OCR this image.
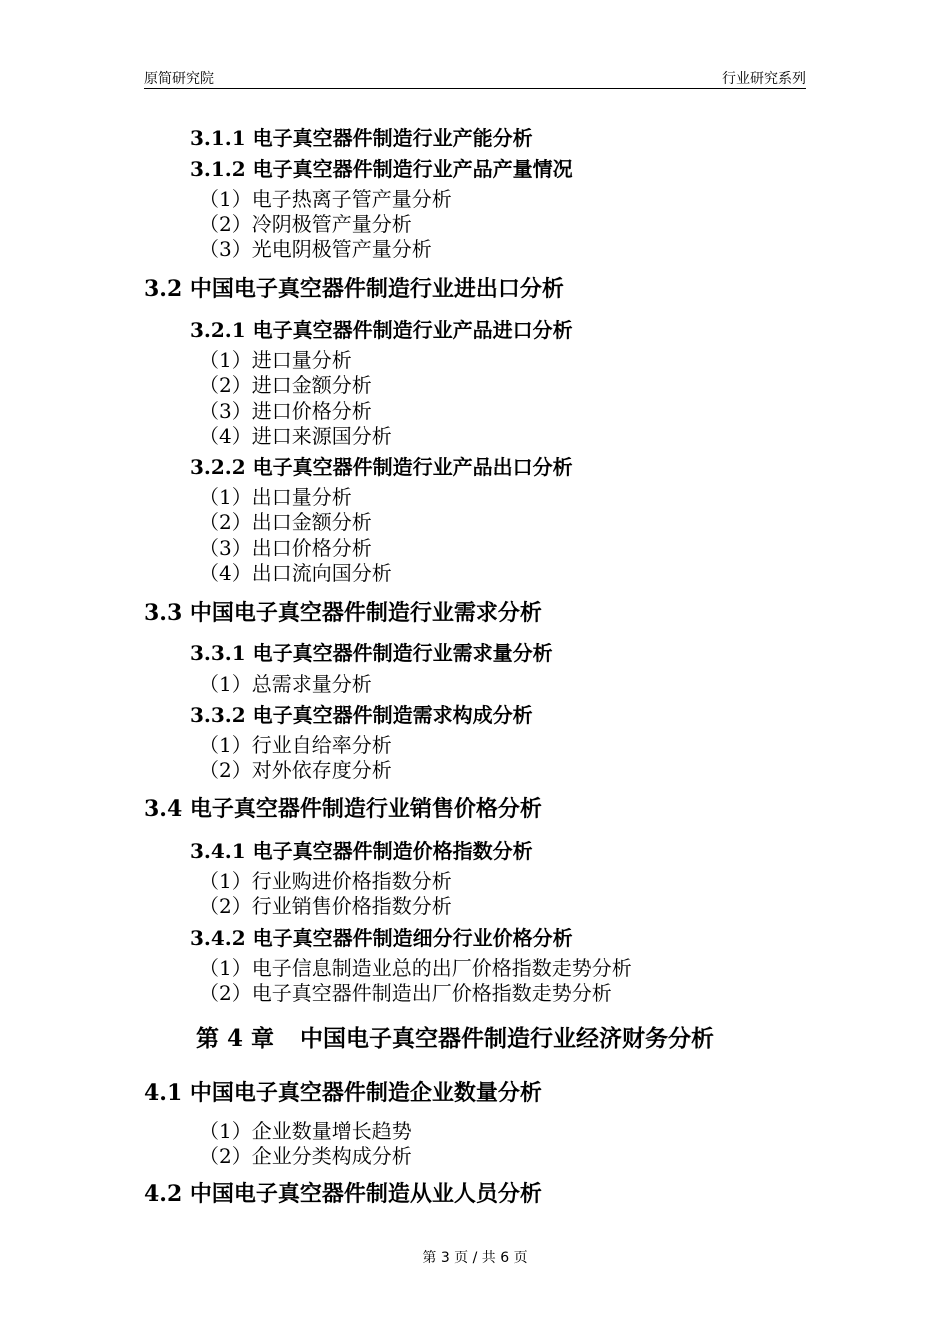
原简研究院	行业研究系列
3.1.1 电子真空器件制造行业产能分析
3.1.2 电子真空器件制造行业产品产量情况
（1）电子热离子管产量分析
（2）冷阴极管产量分析
（3）光电阴极管产量分析
3.2 中国电子真空器件制造行业进出口分析
3.2.1 电子真空器件制造行业产品进口分析
（1）进口量分析
（2）进口金额分析
（3）进口价格分析
（4）进口来源国分析
3.2.2 电子真空器件制造行业产品出口分析
（1）出口量分析
（2）出口金额分析
（3）出口价格分析
（4）出口流向国分析
3.3 中国电子真空器件制造行业需求分析
3.3.1 电子真空器件制造行业需求量分析
（1）总需求量分析
3.3.2 电子真空器件制造需求构成分析
（1）行业自给率分析
（2）对外依存度分析
3.4 电子真空器件制造行业销售价格分析
3.4.1 电子真空器件制造价格指数分析
（1）行业购进价格指数分析
（2）行业销售价格指数分析
3.4.2 电子真空器件制造细分行业价格分析
（1）电子信息制造业总的出厂价格指数走势分析
（2）电子真空器件制造出厂价格指数走势分析
第 4 章 中国电子真空器件制造行业经济财务分析
4.1 中国电子真空器件制造企业数量分析
（1）企业数量增长趋势
（2）企业分类构成分析
4.2 中国电子真空器件制造从业人员分析
第 3 页 / 共 6 页
